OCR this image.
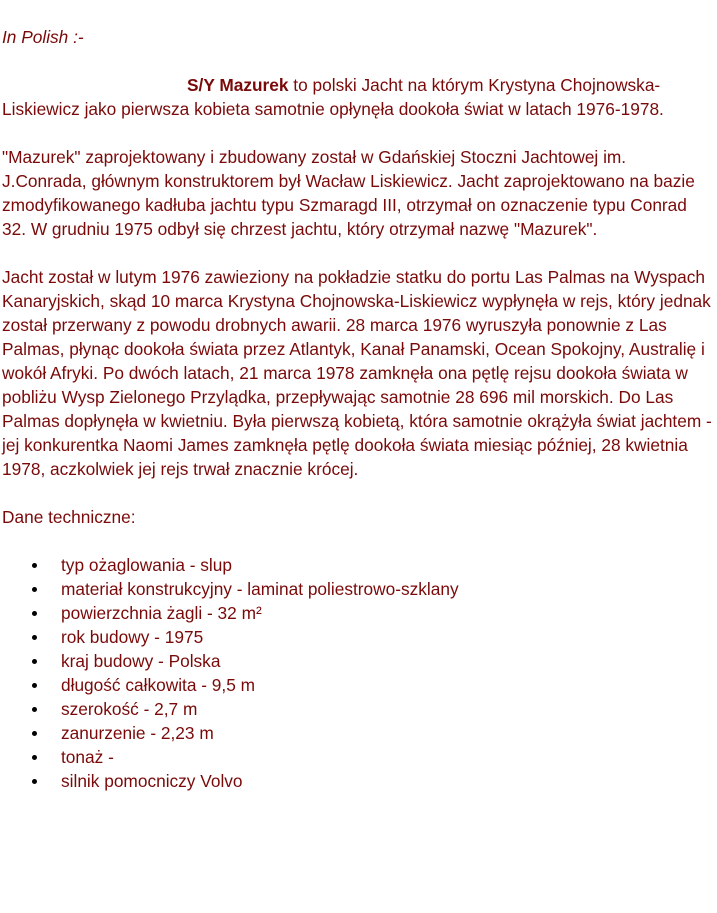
In Polish :-

S/Y Mazurek to polski Jacht na którym Krystyna Chojnowska-Liskiewicz jako pierwsza kobieta samotnie opłynęła dookoła świat w latach 1976-1978.

"Mazurek" zaprojektowany i zbudowany został w Gdańskiej Stoczni Jachtowej im. J.Conrada, głównym konstruktorem był Wacław Liskiewicz. Jacht zaprojektowano na bazie zmodyfikowanego kadłuba jachtu typu Szmaragd III, otrzymał on oznaczenie typu Conrad 32. W grudniu 1975 odbył się chrzest jachtu, który otrzymał nazwę "Mazurek".

Jacht został w lutym 1976 zawieziony na pokładzie statku do portu Las Palmas na Wyspach Kanaryjskich, skąd 10 marca Krystyna Chojnowska-Liskiewicz wypłynęła w rejs, który jednak został przerwany z powodu drobnych awarii. 28 marca 1976 wyruszyła ponownie z Las Palmas, płynąc dookoła świata przez Atlantyk, Kanał Panamski, Ocean Spokojny, Australię i wokół Afryki. Po dwóch latach, 21 marca 1978 zamknęła ona pętlę rejsu dookoła świata w pobliżu Wysp Zielonego Przylądka, przepływając samotnie 28 696 mil morskich. Do Las Palmas dopłynęła w kwietniu. Była pierwszą kobietą, która samotnie okrążyła świat jachtem - jej konkurentka Naomi James zamknęła pętlę dookoła świata miesiąc później, 28 kwietnia 1978, aczkolwiek jej rejs trwał znacznie krócej.

Dane techniczne:

typ ożaglowania - slup
materiał konstrukcyjny - laminat poliestrowo-szklany
powierzchnia żagli - 32 m²
rok budowy - 1975
kraj budowy - Polska
długość całkowita - 9,5 m
szerokość - 2,7 m
zanurzenie - 2,23 m
tonaż -
silnik pomocniczy Volvo
